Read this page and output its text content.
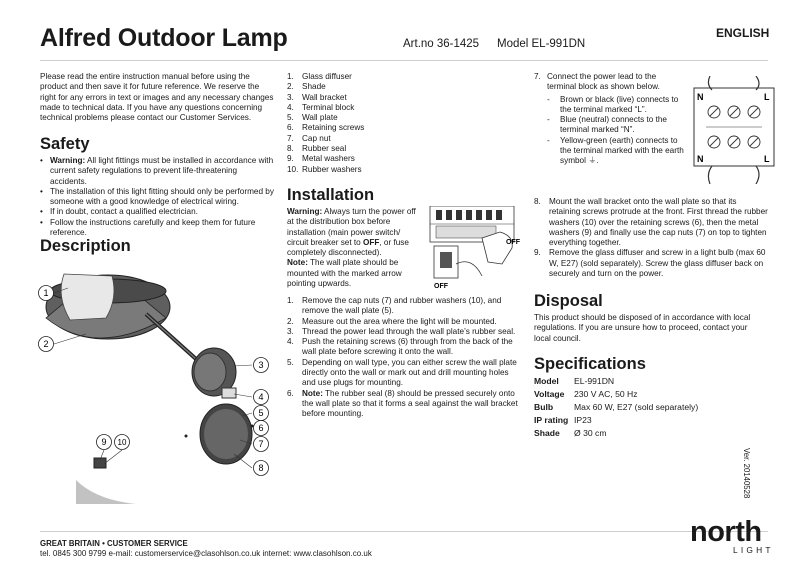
Alfred Outdoor Lamp	Art.no 36-1425 Model EL-991DN
ENGLISH
Please read the entire instruction manual before using the product and then save it for future reference. We reserve the right for any errors in text or images and any necessary changes made to technical data. If you have any questions concerning technical problems please contact our Customer Services.
Safety
• Warning: All light fittings must be installed in accordance with current safety regulations to prevent life-threatening accidents.
• The installation of this light fitting should only be performed by someone with a good knowledge of electrical wiring.
• If in doubt, contact a qualified electrician.
• Follow the instructions carefully and keep them for future reference.
Description
1
2
3
4
5
6
7
8
9 10
1. Glass diffuser
2. Shade
3. Wall bracket
4. Terminal block
5. Wall plate
6. Retaining screws
7. Cap nut
8. Rubber seal
9. Metal washers
10. Rubber washers
Installation
Warning: Always turn the power off at the distribution box before installation (main power switch/ circuit breaker set to OFF, or fuse completely disconnected).
Note: The wall plate should be mounted with the marked arrow pointing upwards.
OFF
OFF
1. Remove the cap nuts (7) and rubber washers (10), and remove the wall plate (5).
2. Measure out the area where the light will be mounted.
3. Thread the power lead through the wall plate’s rubber seal.
4. Push the retaining screws (6) through from the back of the wall plate before screwing it onto the wall.
5. Depending on wall type, you can either screw the wall plate directly onto the wall or mark out and drill mounting holes and use plugs for mounting.
6. Note: The rubber seal (8) should be pressed securely onto the wall plate so that it forms a seal against the wall bracket before mounting.
7. Connect the power lead to the terminal block as shown below.
- Brown or black (live) connects to the terminal marked “L”.
- Blue (neutral) connects to the terminal marked “N”.
- Yellow-green (earth) connects to the terminal marked with the earth symbol ⏚.
N	L
N	L
8. Mount the wall bracket onto the wall plate so that its retaining screws protrude at the front. First thread the rubber washers (10) over the retaining screws (6), then the metal washers (9) and finally use the cap nuts (7) on top to tighten everything together.
9. Remove the glass diffuser and screw in a light bulb (max 60 W, E27) (sold separately). Screw the glass diffuser back on securely and turn on the power.
Disposal
This product should be disposed of in accordance with local regulations. If you are unsure how to proceed, contact your local council.
Specifications
Model	EL-991DN
Voltage	230 V AC, 50 Hz
Bulb	Max 60 W, E27 (sold separately)
IP rating	IP23
Shade	Ø 30 cm
Ver. 20140528
GREAT BRITAIN • CUSTOMER SERVICE
tel. 0845 300 9799 e-mail: customerservice@clasohlson.co.uk internet: www.clasohlson.co.uk
north
LIGHT
